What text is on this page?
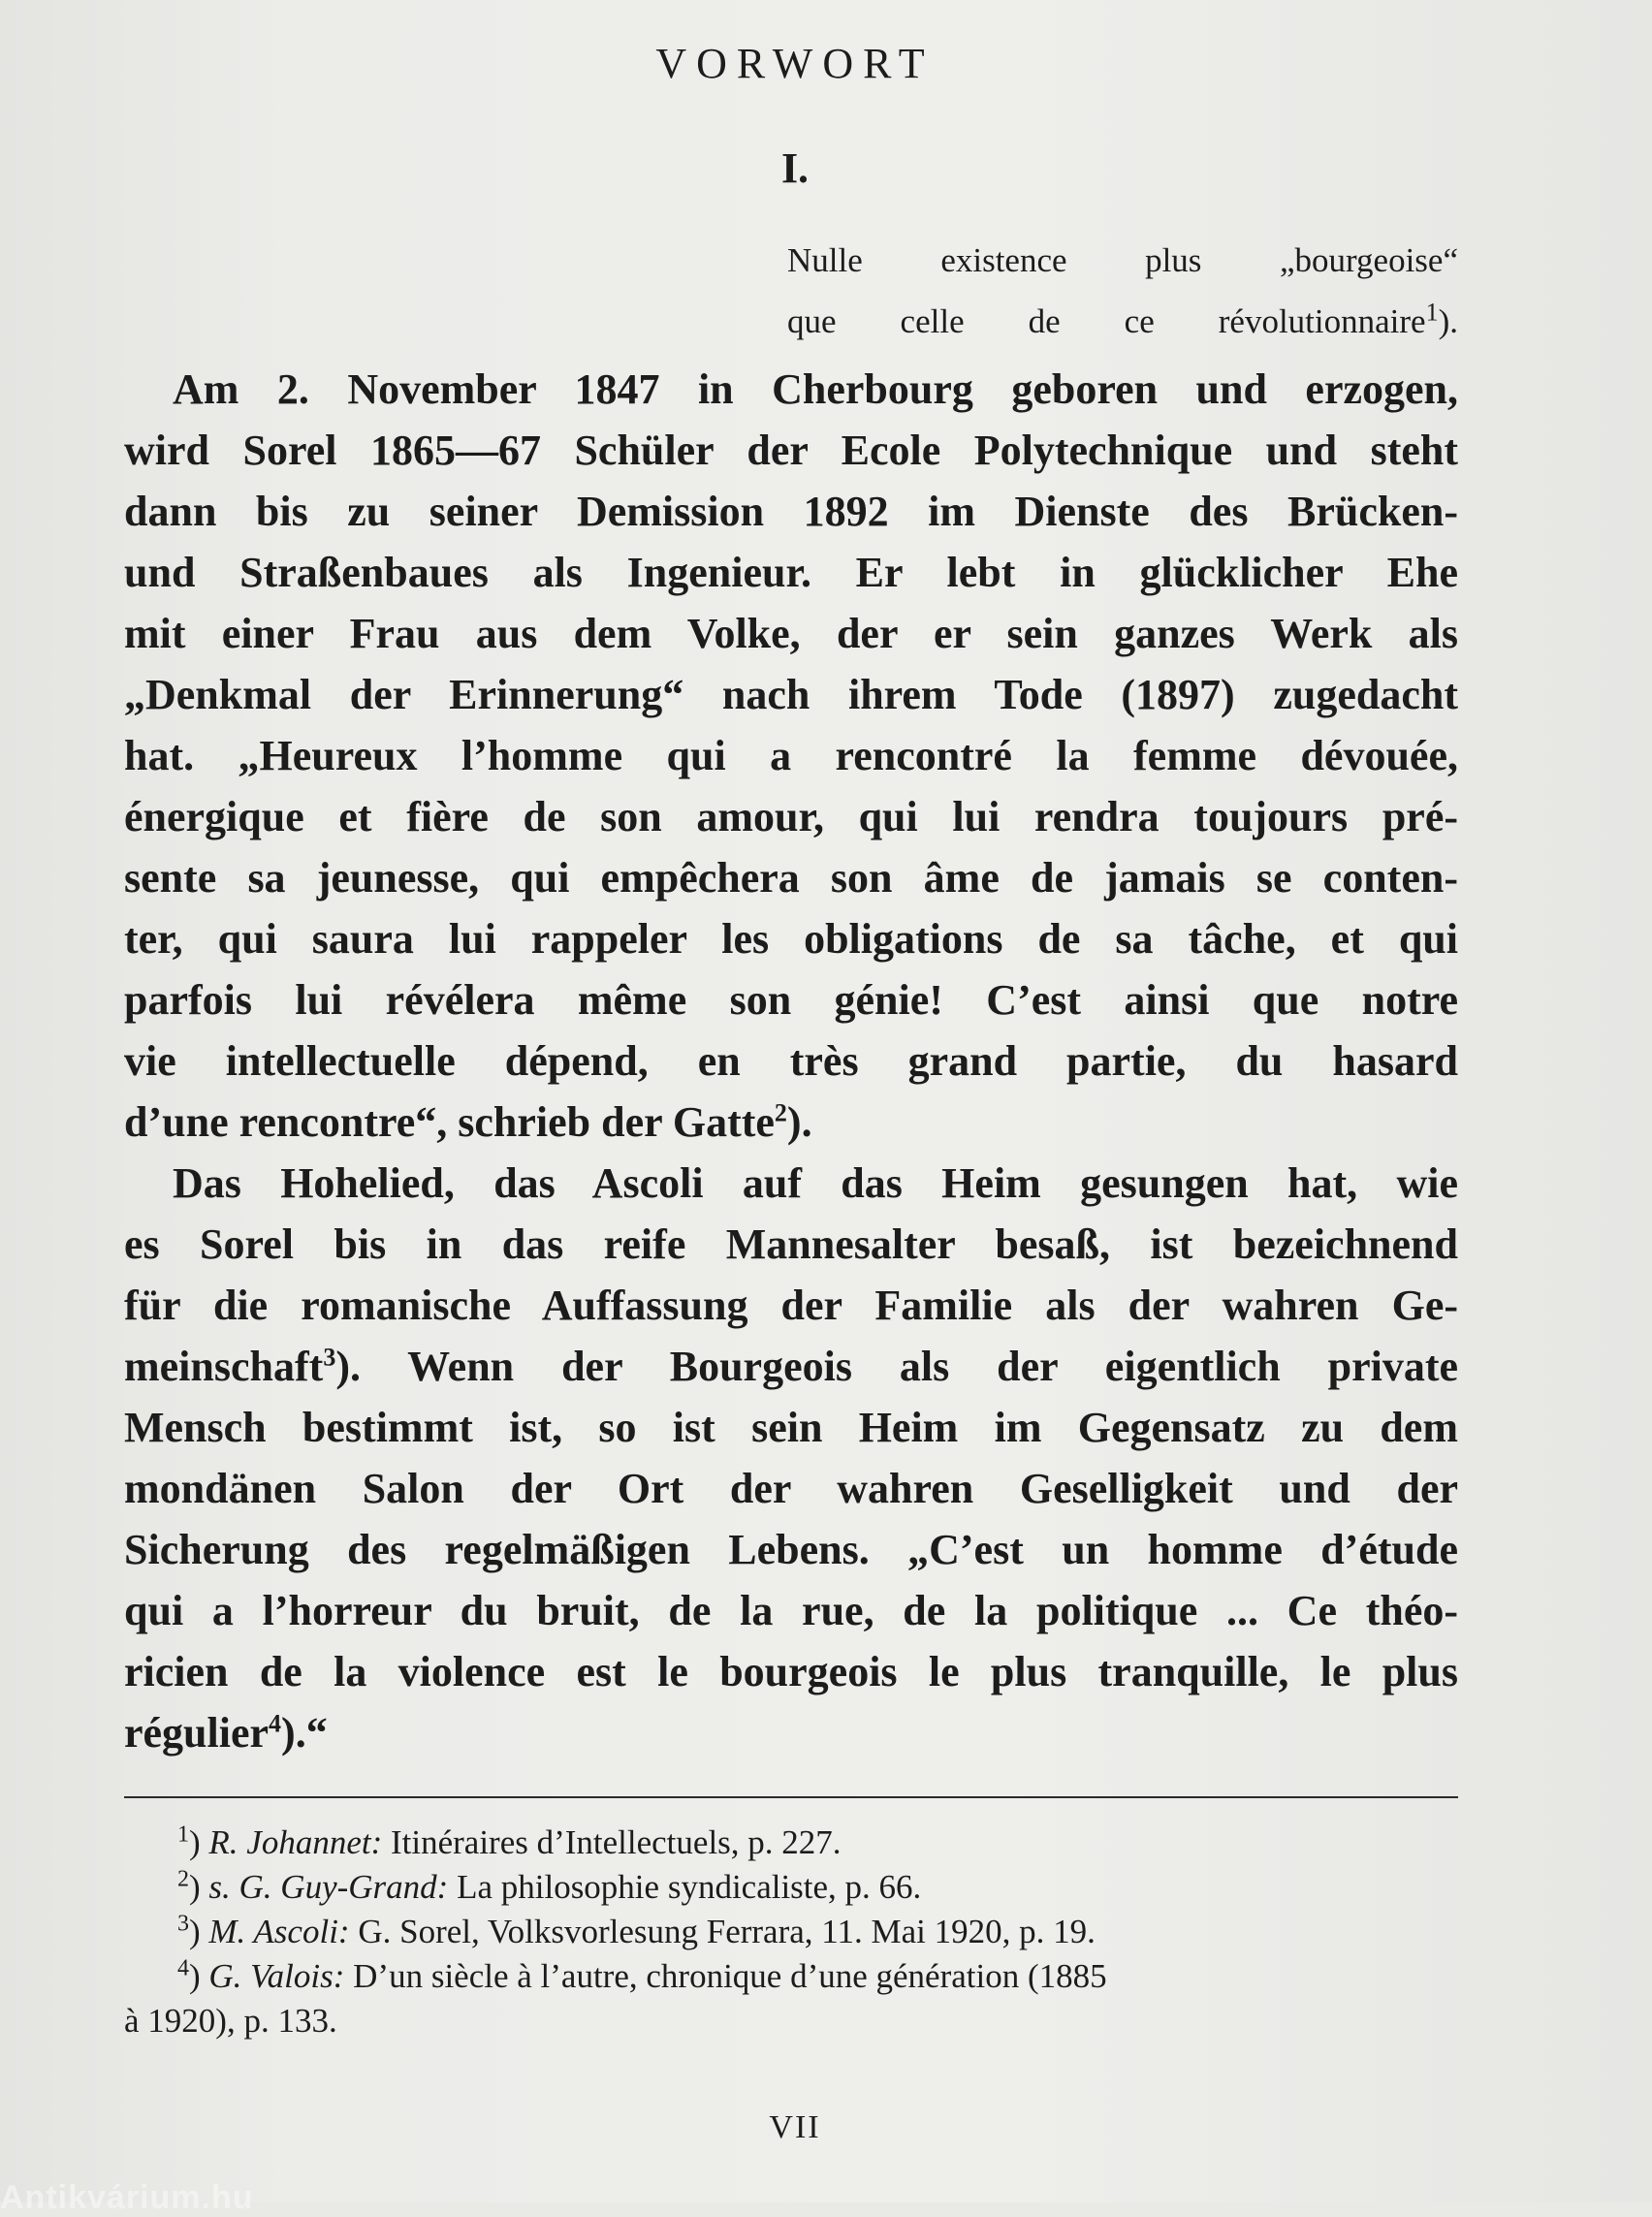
VORWORT
I.
Nulle existence plus „bourgeoise“
que celle de ce révolutionnaire$^1$).
Am 2. November 1847 in Cherbourg geboren und erzogen,
wird Sorel 1865—67 Schüler der Ecole Polytechnique und steht
dann bis zu seiner Demission 1892 im Dienste des Brücken-
und Straßenbaues als Ingenieur. Er lebt in glücklicher Ehe
mit einer Frau aus dem Volke, der er sein ganzes Werk als
„Denkmal der Erinnerung“ nach ihrem Tode (1897) zugedacht
hat. „Heureux l’homme qui a rencontré la femme dévouée,
énergique et fière de son amour, qui lui rendra toujours pré-
sente sa jeunesse, qui empêchera son âme de jamais se conten-
ter, qui saura lui rappeler les obligations de sa tâche, et qui
parfois lui révélera même son génie! C’est ainsi que notre
vie intellectuelle dépend, en très grand partie, du hasard
d’une rencontre“, schrieb der Gatte$^2$).
Das Hohelied, das Ascoli auf das Heim gesungen hat, wie
es Sorel bis in das reife Mannesalter besaß, ist bezeichnend
für die romanische Auffassung der Familie als der wahren Ge-
meinschaft$^3$). Wenn der Bourgeois als der eigentlich private
Mensch bestimmt ist, so ist sein Heim im Gegensatz zu dem
mondänen Salon der Ort der wahren Geselligkeit und der
Sicherung des regelmäßigen Lebens. „C’est un homme d’étude
qui a l’horreur du bruit, de la rue, de la politique ... Ce théo-
ricien de la violence est le bourgeois le plus tranquille, le plus
régulier$^4$).“
$^1$) R. Johannet: Itinéraires d’Intellectuels, p. 227.
$^2$) s. G. Guy-Grand: La philosophie syndicaliste, p. 66.
$^3$) M. Ascoli: G. Sorel, Volksvorlesung Ferrara, 11. Mai 1920, p. 19.
$^4$) G. Valois: D’un siècle à l’autre, chronique d’une génération (1885
à 1920), p. 133.
VII
Antikvárium.hu
